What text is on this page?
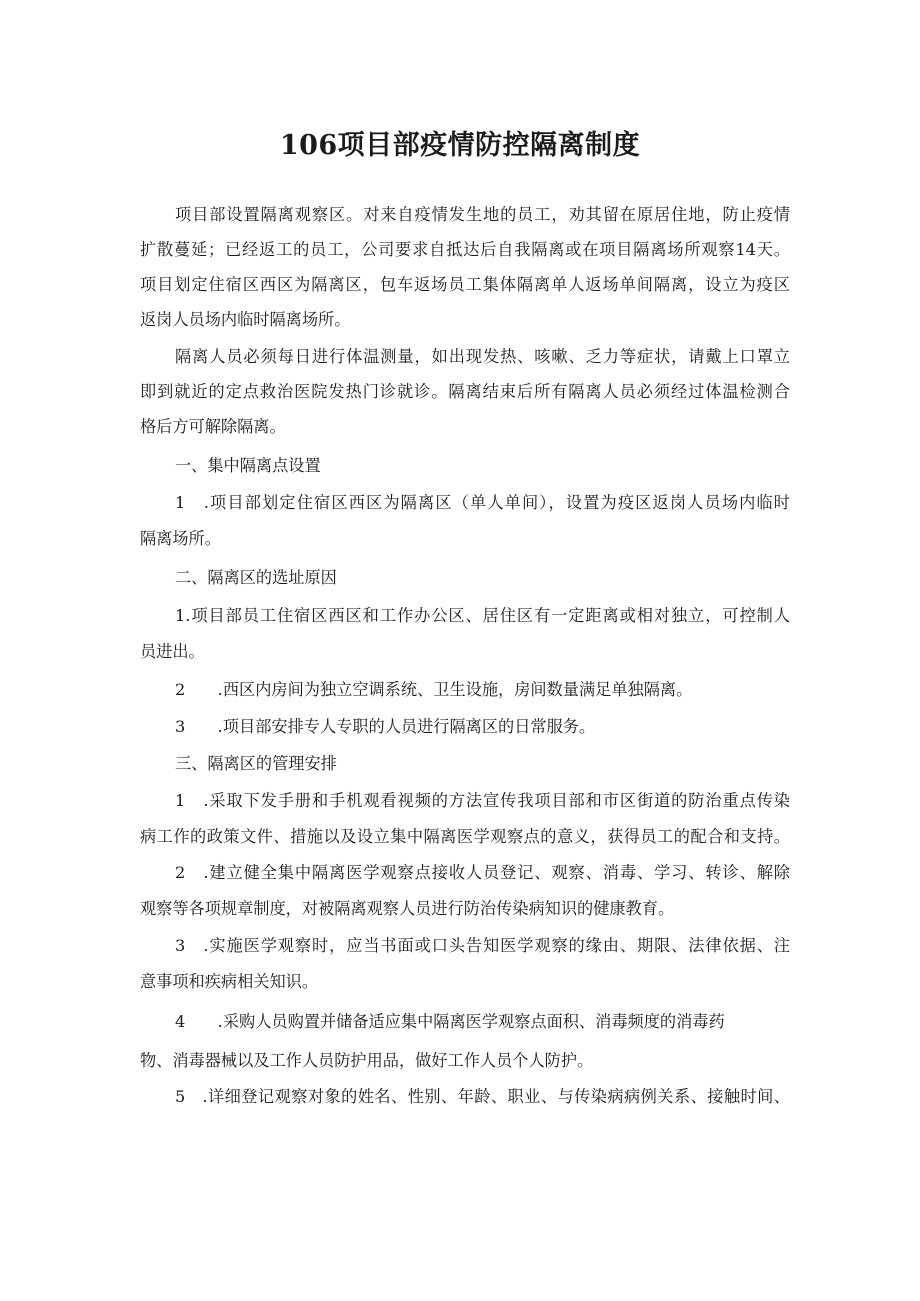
106项目部疫情防控隔离制度
项目部设置隔离观察区。对来自疫情发生地的员工，劝其留在原居住地，防止疫情
扩散蔓延；已经返工的员工，公司要求自抵达后自我隔离或在项目隔离场所观察14天。
项目划定住宿区西区为隔离区，包车返场员工集体隔离单人返场单间隔离，设立为疫区
返岗人员场内临时隔离场所。
隔离人员必须每日进行体温测量，如出现发热、咳嗽、乏力等症状，请戴上口罩立
即到就近的定点救治医院发热门诊就诊。隔离结束后所有隔离人员必须经过体温检测合
格后方可解除隔离。
一、集中隔离点设置
1　.项目部划定住宿区西区为隔离区（单人单间），设置为疫区返岗人员场内临时
隔离场所。
二、隔离区的选址原因
1.项目部员工住宿区西区和工作办公区、居住区有一定距离或相对独立，可控制人
员进出。
2　　.西区内房间为独立空调系统、卫生设施，房间数量满足单独隔离。
3　　.项目部安排专人专职的人员进行隔离区的日常服务。
三、隔离区的管理安排
1　.采取下发手册和手机观看视频的方法宣传我项目部和市区街道的防治重点传染
病工作的政策文件、措施以及设立集中隔离医学观察点的意义，获得员工的配合和支持。
2　.建立健全集中隔离医学观察点接收人员登记、观察、消毒、学习、转诊、解除
观察等各项规章制度，对被隔离观察人员进行防治传染病知识的健康教育。
3　.实施医学观察时，应当书面或口头告知医学观察的缘由、期限、法律依据、注
意事项和疾病相关知识。
4　　.采购人员购置并储备适应集中隔离医学观察点面积、消毒频度的消毒药
物、消毒器械以及工作人员防护用品，做好工作人员个人防护。
5　.详细登记观察对象的姓名、性别、年龄、职业、与传染病病例关系、接触时间、
